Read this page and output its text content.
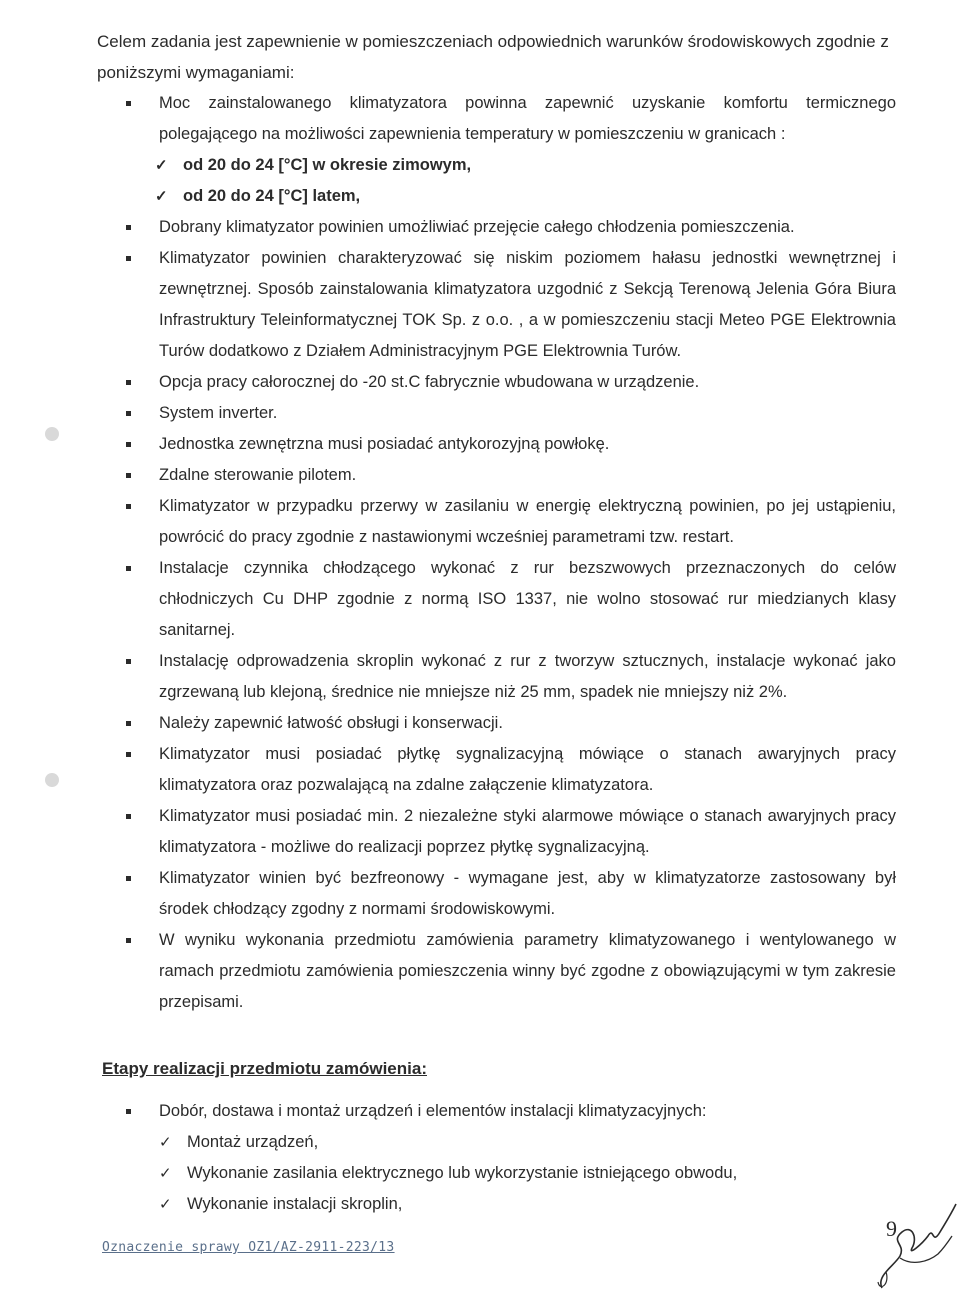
Celem zadania jest zapewnienie w pomieszczeniach odpowiednich warunków środowiskowych zgodnie z poniższymi wymaganiami:
Moc zainstalowanego klimatyzatora powinna zapewnić uzyskanie komfortu termicznego polegającego na możliwości zapewnienia temperatury w pomieszczeniu w granicach :
✓ od 20 do 24 [°C] w okresie zimowym,
✓ od 20 do 24 [°C] latem,
Dobrany klimatyzator powinien umożliwiać przejęcie całego chłodzenia pomieszczenia.
Klimatyzator powinien charakteryzować się niskim poziomem hałasu jednostki wewnętrznej i zewnętrznej. Sposób zainstalowania klimatyzatora uzgodnić z Sekcją Terenową Jelenia Góra Biura Infrastruktury Teleinformatycznej TOK Sp. z o.o. , a w pomieszczeniu stacji Meteo PGE Elektrownia Turów dodatkowo z Działem Administracyjnym PGE Elektrownia Turów.
Opcja pracy całorocznej do -20 st.C fabrycznie wbudowana w urządzenie.
System inverter.
Jednostka zewnętrzna musi posiadać antykorozyjną powłokę.
Zdalne sterowanie pilotem.
Klimatyzator w przypadku przerwy w zasilaniu w energię elektryczną powinien, po jej ustąpieniu, powrócić do pracy zgodnie z nastawionymi wcześniej parametrami tzw. restart.
Instalacje czynnika chłodzącego wykonać z rur bezszwowych przeznaczonych do celów chłodniczych Cu DHP zgodnie z normą ISO 1337, nie wolno stosować rur miedzianych klasy sanitarnej.
Instalację odprowadzenia skroplin wykonać z rur z tworzyw sztucznych, instalacje wykonać jako zgrzewaną lub klejoną, średnice nie mniejsze niż 25 mm, spadek nie mniejszy niż 2%.
Należy zapewnić łatwość obsługi i konserwacji.
Klimatyzator musi posiadać płytkę sygnalizacyjną mówiące o stanach awaryjnych pracy klimatyzatora oraz pozwalającą na zdalne załączenie klimatyzatora.
Klimatyzator musi posiadać min. 2 niezależne styki alarmowe mówiące o stanach awaryjnych pracy klimatyzatora - możliwe do realizacji poprzez płytkę sygnalizacyjną.
Klimatyzator winien być bezfreonowy - wymagane jest, aby w klimatyzatorze zastosowany był środek chłodzący zgodny z normami środowiskowymi.
W wyniku wykonania przedmiotu zamówienia parametry klimatyzowanego i wentylowanego w ramach przedmiotu zamówienia pomieszczenia winny być zgodne z obowiązującymi w tym zakresie przepisami.
Etapy realizacji przedmiotu zamówienia:
Dobór, dostawa i montaż urządzeń i elementów instalacji klimatyzacyjnych:
✓ Montaż urządzeń,
✓ Wykonanie zasilania elektrycznego lub wykorzystanie istniejącego obwodu,
✓ Wykonanie instalacji skroplin,
Oznaczenie sprawy OZ1/AZ-2911-223/13
9
